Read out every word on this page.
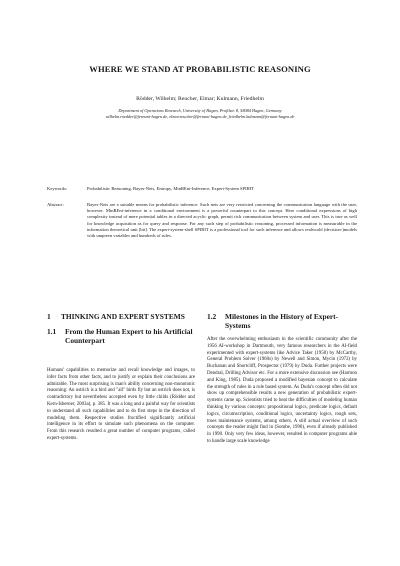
WHERE WE STAND AT PROBABILISTIC REASONING

Rödder, Wilhelm; Reucher, Elmar; Kulmann, Friedhelm

Department of Operations Research, University of Hagen, Profilstr. 8, 58084 Hagen, Germany
wilhelm.roedder@fernuni-hagen.de, elmar.reucher@fernuni-hagen.de, friedhelm.kulmann@fernuni-hagen.de
Keywords:	Probabilistic Reasoning, Bayes-Nets, Entropy, MinREnt-Inference, Expert-System SPIRIT
Abstract:	Bayes-Nets are a suitable means for probabilistic inference. Such nets are very restricted concerning the communication language with the user, however. MinREnt-inference in a conditional environment is a powerful counterpart to this concept. Here conditional expressions of high complexity instead of mere potential tables in a directed acyclic graph, permit rich communication between system and user. This is true as well for knowledge acquisition as for query and response. For any such step of probabilistic reasoning, processed information is measurable in the information theoretical unit [bit]. The expert-system-shell SPIRIT is a professional tool for such inference and allows realworld (decision-)models with umpteen variables and hundreds of rules.

1	THINKING AND EXPERT SYSTEMS
1.1	From the Human Expert to his Artificial Counterpart

Humans' capabilities to memorize and recall knowledge and images, to infer facts from other facts, and to justify or explain their conclusions are admirable. The most surprising is man's ability concerning non-monotonic reasoning: An ostrich is a bird and "all" birds fly but an ostrich does not, is contradictory but nevertheless accepted even by little childs (Rödder and Kern-Isberner, 2003a), p. 385. It was a long and a painful way for scientists to understand all such capabilities and to do first steps in the direction of modeling them. Respective studies fructified significantly artificial intelligence in its effort to simulate such phenomena on the computer. From this research resulted a great number of computer programs, called expert-systems.

1.2	Milestones in the History of Expert-Systems

After the overwhelming enthusiasm in the scientific community after the 1956 AI-workshop in Dartmouth, very famous researchers in the AI-field experimented with expert-systems like Advice Taker (1958) by McCarthy, General Problem Solver (1960s) by Newell and Simon, Mycin (1972) by Buchanan and Shortcliff, Prospector (1979) by Duda. Further projects were Dendral, Drilling Advisor etc. For a more extensive discussion see (Harmon and King, 1985). Duda proposed a modified bayesian concept to calculate the strength of rules in a rule based system. As Duda's concept often did not show up comprehensible results a new generation of probabilistic expert-systems came up. Scientists tried to heat the difficulties of modeling human thinking by various concepts: propositional logics, predicate logics, default logics, circumscription, conditional logics, uncertainty logics, rough sets, trues maintenance systems, among others. A still actual overview of such concepts the reader might find in (Sombe, 1990), even if already published in 1990. Only very few ideas, however, resulted in computer programs able to handle large scale knowledge
